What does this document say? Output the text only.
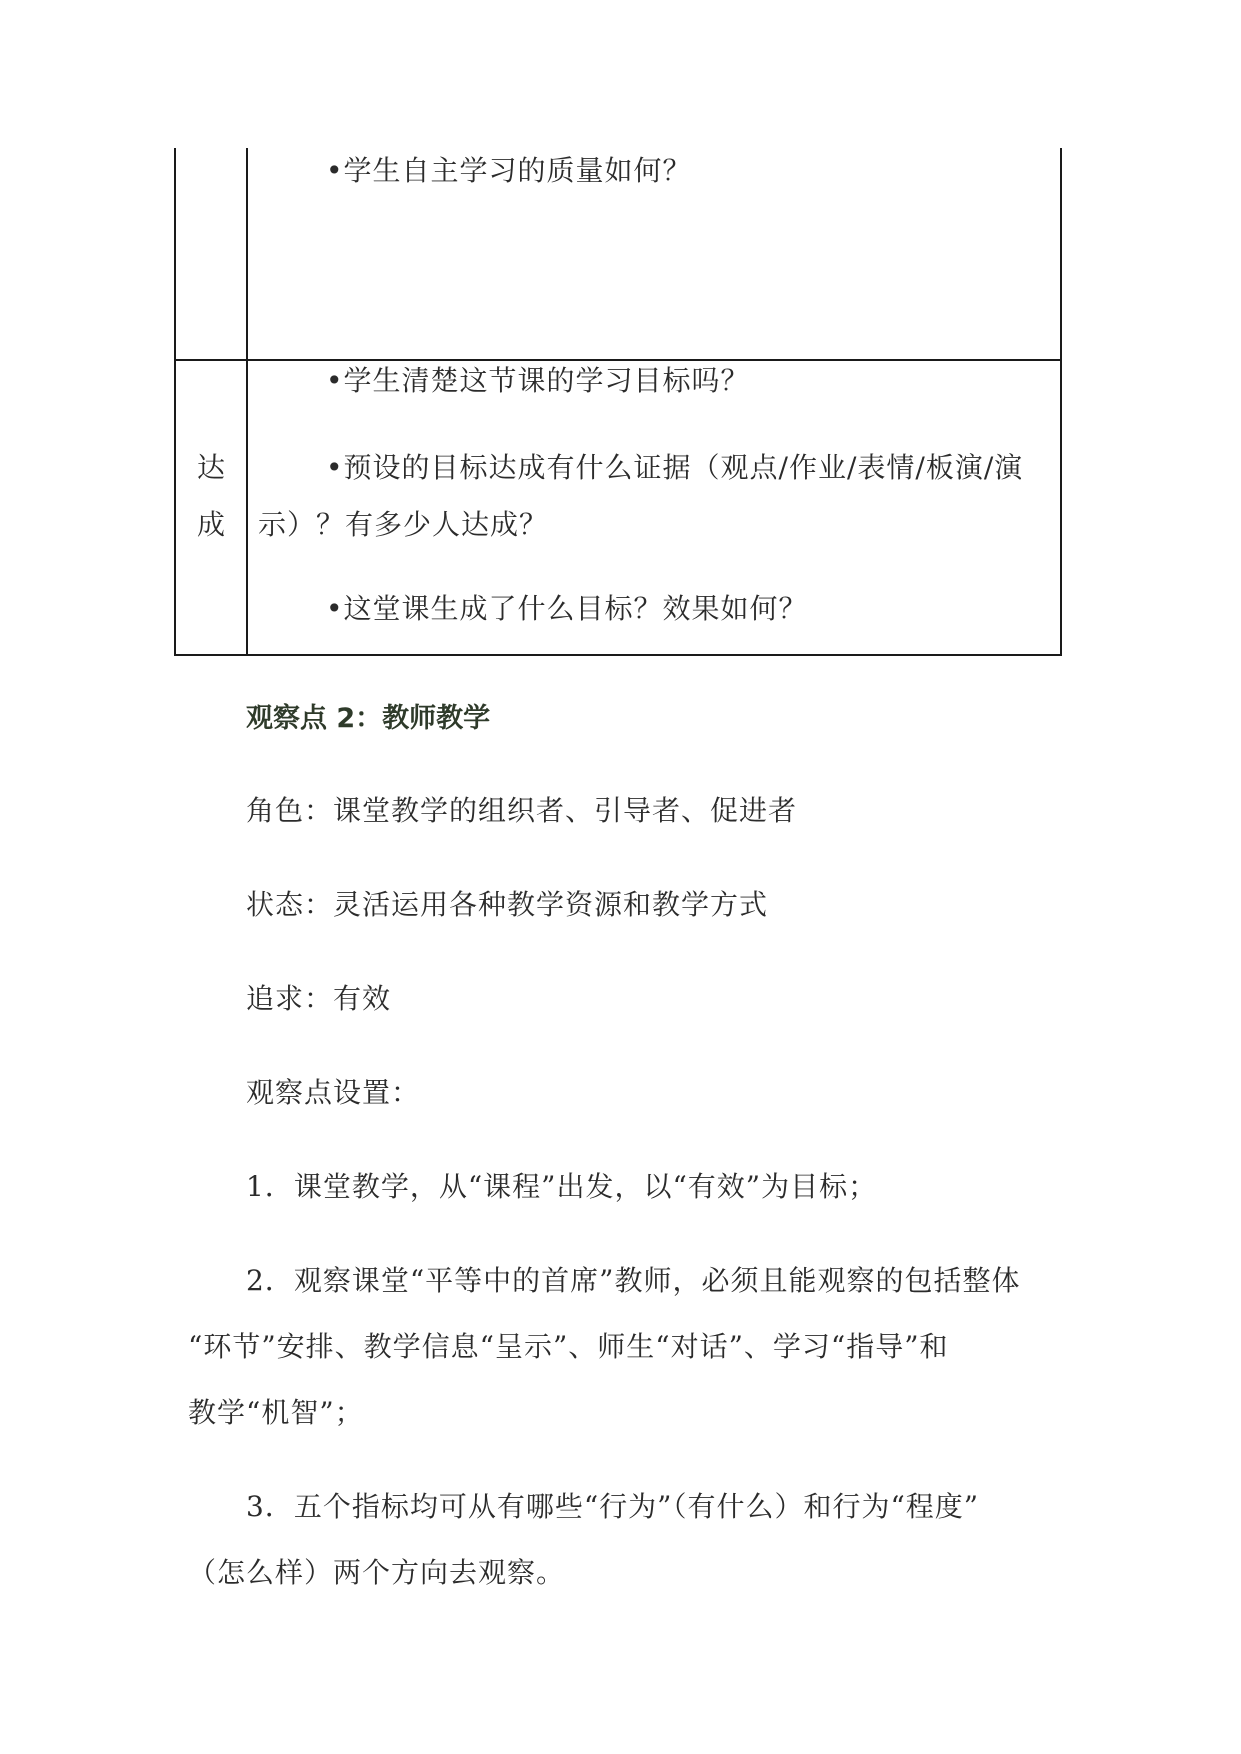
•学生自主学习的质量如何？
达
成
•学生清楚这节课的学习目标吗？
•预设的目标达成有什么证据（观点/作业/表情/板演/演
示）？有多少人达成？
•这堂课生成了什么目标？效果如何？
观察点 2：教师教学
角色：课堂教学的组织者、引导者、促进者
状态：灵活运用各种教学资源和教学方式
追求：有效
观察点设置：
1．课堂教学，从“课程”出发，以“有效”为目标；
2．观察课堂“平等中的首席”教师，必须且能观察的包括整体
“环节”安排、教学信息“呈示”、师生“对话”、学习“指导”和
教学“机智”；
3．五个指标均可从有哪些“行为”（有什么）和行为“程度”
（怎么样）两个方向去观察。
